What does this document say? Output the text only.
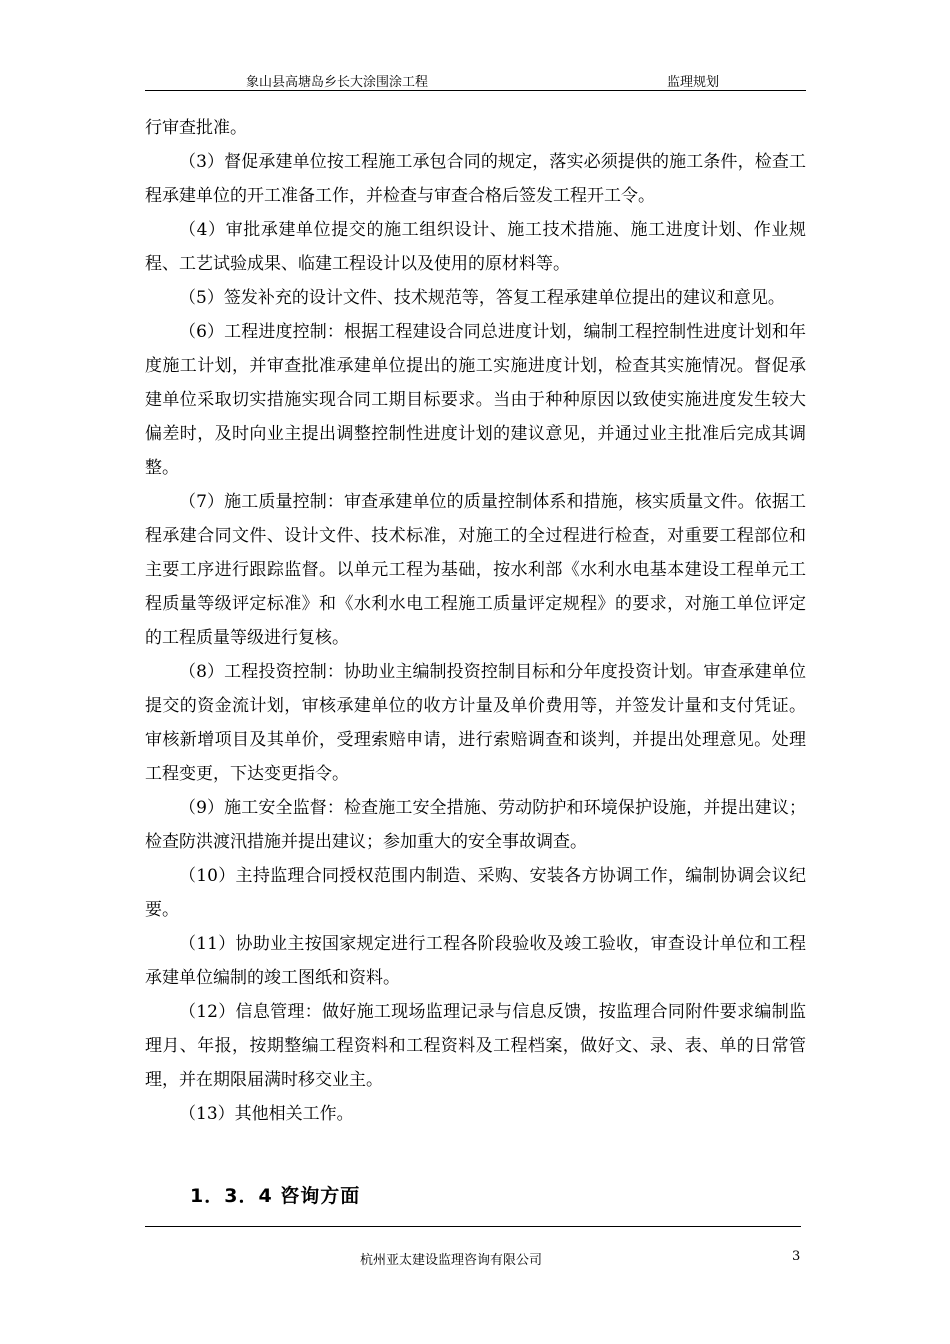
象山县高塘岛乡长大涂围涂工程	监理规划

行审查批准。

（3）督促承建单位按工程施工承包合同的规定，落实必须提供的施工条件，检查工程承建单位的开工准备工作，并检查与审查合格后签发工程开工令。

（4）审批承建单位提交的施工组织设计、施工技术措施、施工进度计划、作业规程、工艺试验成果、临建工程设计以及使用的原材料等。

（5）签发补充的设计文件、技术规范等，答复工程承建单位提出的建议和意见。

（6）工程进度控制：根据工程建设合同总进度计划，编制工程控制性进度计划和年度施工计划，并审查批准承建单位提出的施工实施进度计划，检查其实施情况。督促承建单位采取切实措施实现合同工期目标要求。当由于种种原因以致使实施进度发生较大偏差时，及时向业主提出调整控制性进度计划的建议意见，并通过业主批准后完成其调整。

（7）施工质量控制：审查承建单位的质量控制体系和措施，核实质量文件。依据工程承建合同文件、设计文件、技术标准，对施工的全过程进行检查，对重要工程部位和主要工序进行跟踪监督。以单元工程为基础，按水利部《水利水电基本建设工程单元工程质量等级评定标准》和《水利水电工程施工质量评定规程》的要求，对施工单位评定的工程质量等级进行复核。

（8）工程投资控制：协助业主编制投资控制目标和分年度投资计划。审查承建单位提交的资金流计划，审核承建单位的收方计量及单价费用等，并签发计量和支付凭证。审核新增项目及其单价，受理索赔申请，进行索赔调查和谈判，并提出处理意见。处理工程变更，下达变更指令。

（9）施工安全监督：检查施工安全措施、劳动防护和环境保护设施，并提出建议；检查防洪渡汛措施并提出建议；参加重大的安全事故调查。

（10）主持监理合同授权范围内制造、采购、安装各方协调工作，编制协调会议纪要。

（11）协助业主按国家规定进行工程各阶段验收及竣工验收，审查设计单位和工程承建单位编制的竣工图纸和资料。

（12）信息管理：做好施工现场监理记录与信息反馈，按监理合同附件要求编制监理月、年报，按期整编工程资料和工程资料及工程档案，做好文、录、表、单的日常管理，并在期限届满时移交业主。

（13）其他相关工作。

1．3．4 咨询方面
杭州亚太建设监理咨询有限公司	3
